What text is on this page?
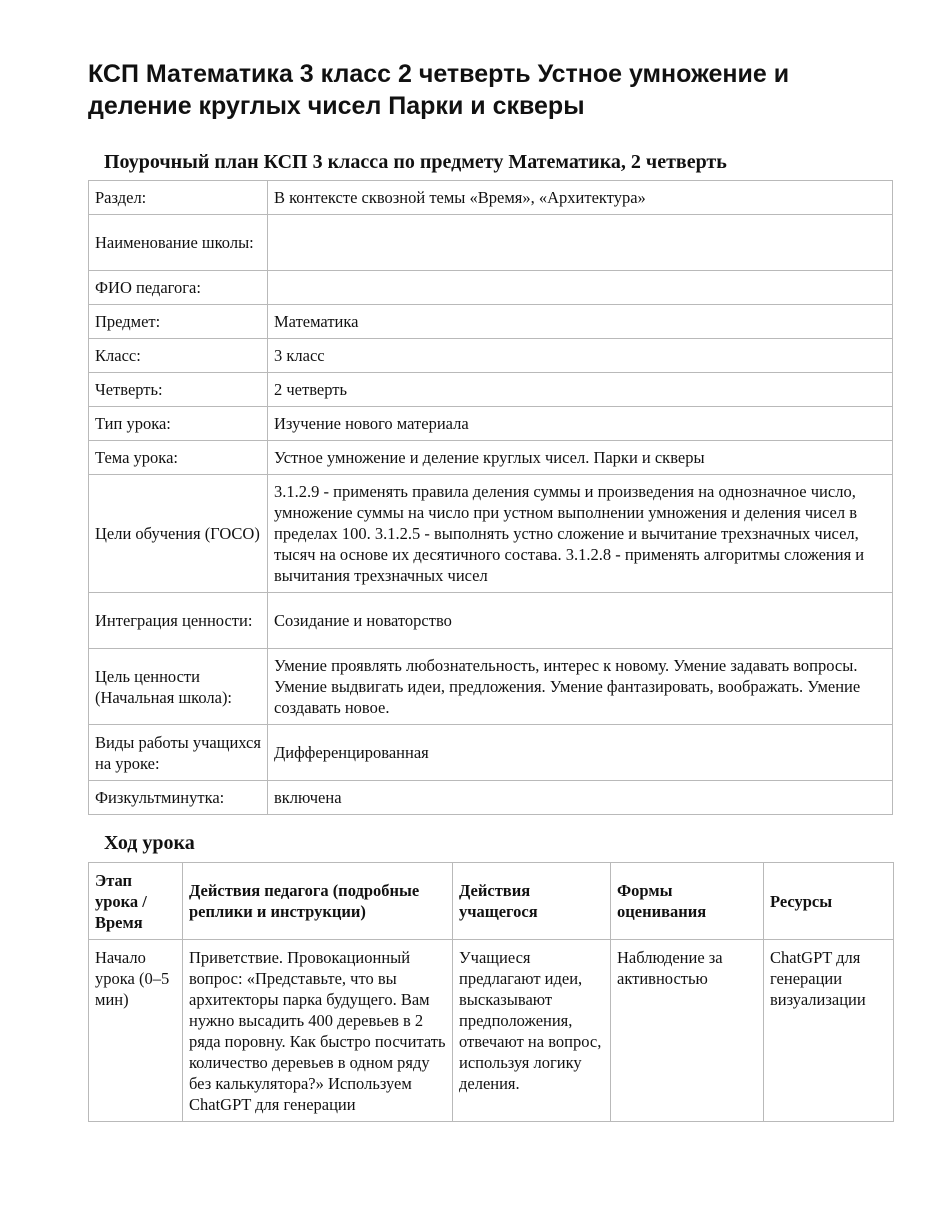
КСП Математика 3 класс 2 четверть Устное умножение и деление круглых чисел Парки и скверы
Поурочный план КСП 3 класса по предмету Математика, 2 четверть
Раздел:	В контексте сквозной темы «Время», «Архитектура»
Наименование школы:	
ФИО педагога:	
Предмет:	Математика
Класс:	3 класс
Четверть:	2 четверть
Тип урока:	Изучение нового материала
Тема урока:	Устное умножение и деление круглых чисел. Парки и скверы
Цели обучения (ГОСО)	3.1.2.9 - применять правила деления суммы и произведения на однозначное число, умножение суммы на число при устном выполнении умножения и деления чисел в пределах 100. 3.1.2.5 - выполнять устно сложение и вычитание трехзначных чисел, тысяч на основе их десятичного состава. 3.1.2.8 - применять алгоритмы сложения и вычитания трехзначных чисел
Интеграция ценности:	Созидание и новаторство
Цель ценности (Начальная школа):	Умение проявлять любознательность, интерес к новому. Умение задавать вопросы. Умение выдвигать идеи, предложения. Умение фантазировать, воображать. Умение создавать новое.
Виды работы учащихся на уроке:	Дифференцированная
Физкультминутка:	включена
Ход урока
Этап урока / Время	Действия педагога (подробные реплики и инструкции)	Действия учащегося	Формы оценивания	Ресурсы
Начало урока (0–5 мин)	Приветствие. Провокационный вопрос: «Представьте, что вы архитекторы парка будущего. Вам нужно высадить 400 деревьев в 2 ряда поровну. Как быстро посчитать количество деревьев в одном ряду без калькулятора?» Используем ChatGPT для генерации	Учащиеся предлагают идеи, высказывают предположения, отвечают на вопрос, используя логику деления.	Наблюдение за активностью	ChatGPT для генерации визуализации
